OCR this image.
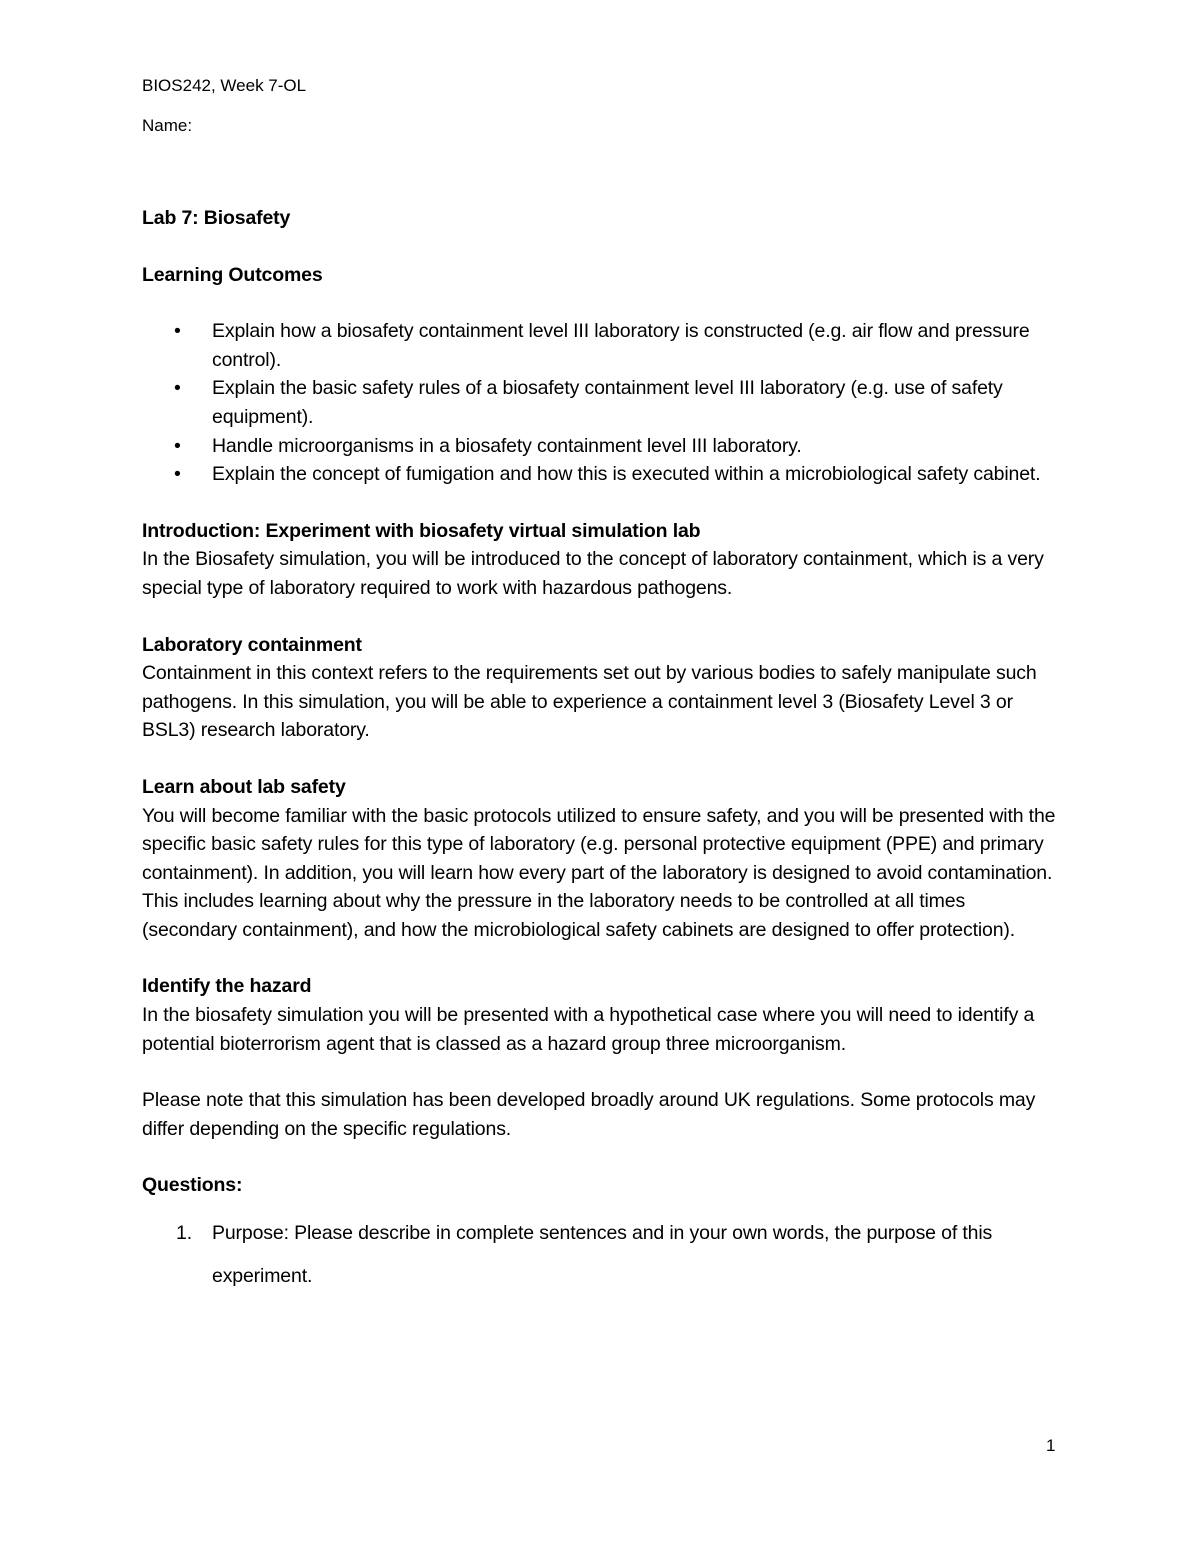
BIOS242, Week 7-OL
Name:

Lab 7: Biosafety

Learning Outcomes

• Explain how a biosafety containment level III laboratory is constructed (e.g. air flow and pressure control).
• Explain the basic safety rules of a biosafety containment level III laboratory (e.g. use of safety equipment).
• Handle microorganisms in a biosafety containment level III laboratory.
• Explain the concept of fumigation and how this is executed within a microbiological safety cabinet.

Introduction: Experiment with biosafety virtual simulation lab

In the Biosafety simulation, you will be introduced to the concept of laboratory containment, which is a very special type of laboratory required to work with hazardous pathogens.

Laboratory containment

Containment in this context refers to the requirements set out by various bodies to safely manipulate such pathogens. In this simulation, you will be able to experience a containment level 3 (Biosafety Level 3 or BSL3) research laboratory.

Learn about lab safety

You will become familiar with the basic protocols utilized to ensure safety, and you will be presented with the specific basic safety rules for this type of laboratory (e.g. personal protective equipment (PPE) and primary containment). In addition, you will learn how every part of the laboratory is designed to avoid contamination. This includes learning about why the pressure in the laboratory needs to be controlled at all times (secondary containment), and how the microbiological safety cabinets are designed to offer protection).

Identify the hazard

In the biosafety simulation you will be presented with a hypothetical case where you will need to identify a potential bioterrorism agent that is classed as a hazard group three microorganism.

Please note that this simulation has been developed broadly around UK regulations. Some protocols may differ depending on the specific regulations.

Questions:

1. Purpose: Please describe in complete sentences and in your own words, the purpose of this experiment.
1
